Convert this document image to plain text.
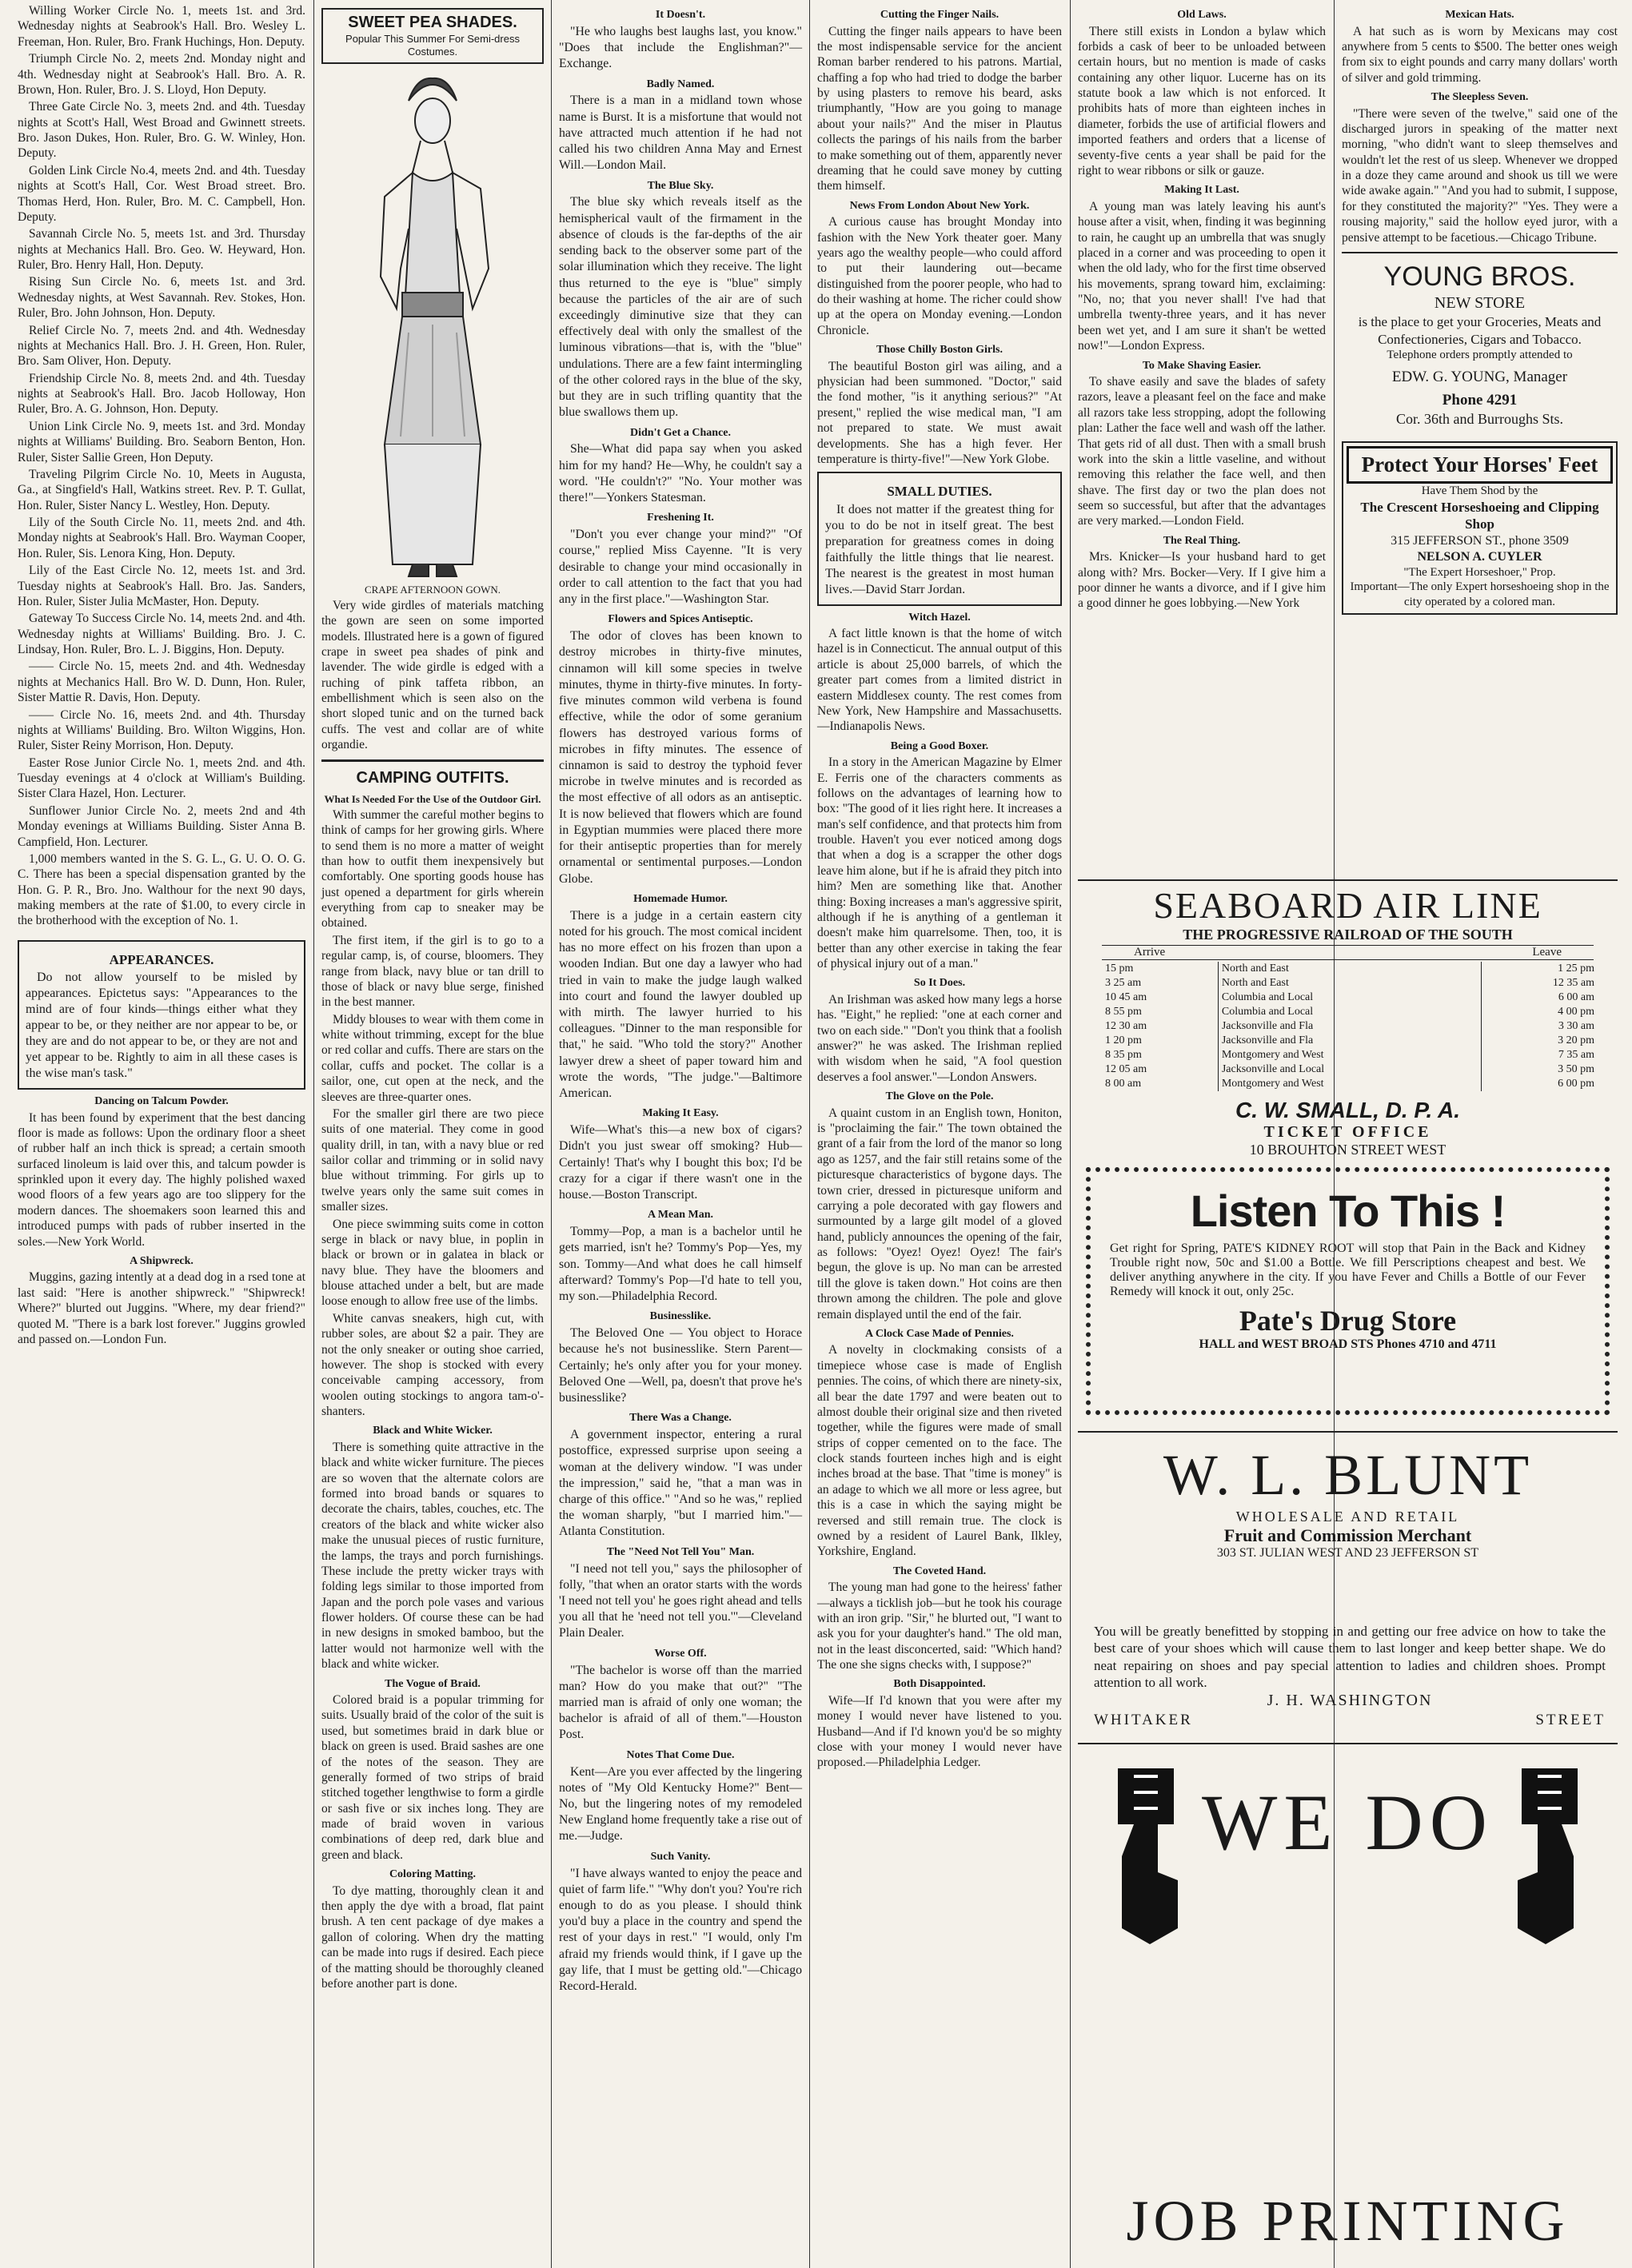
Willing Worker Circle No. 1, meets 1st. and 3rd. Wednesday nights at Seabrook's Hall. Bro. Wesley L. Freeman, Hon. Ruler, Bro. Frank Huchings, Hon. Deputy.

Triumph Circle No. 2, meets 2nd. Monday night and 4th. Wednesday night at Seabrook's Hall. Bro. A. R. Brown, Hon. Ruler, Bro. J. S. Lloyd, Hon Deputy.

Three Gate Circle No. 3, meets 2nd. and 4th. Tuesday nights at Scott's Hall, West Broad and Gwinnett streets. Bro. Jason Dukes, Hon. Ruler, Bro. G. W. Winley, Hon. Deputy.

Golden Link Circle No.4, meets 2nd. and 4th. Tuesday nights at Scott's Hall, Cor. West Broad street. Bro. Thomas Herd, Hon. Ruler, Bro. M. C. Campbell, Hon. Deputy.

Savannah Circle No. 5, meets 1st. and 3rd. Thursday nights at Mechanics Hall. Bro. Geo. W. Heyward, Hon. Ruler, Bro. Henry Hall, Hon. Deputy.

Rising Sun Circle No. 6, meets 1st. and 3rd. Wednesday nights, at West Savannah. Rev. Stokes, Hon. Ruler, Bro. John Johnson, Hon. Deputy.

Relief Circle No. 7, meets 2nd. and 4th. Wednesday nights at Mechanics Hall. Bro. J. H. Green, Hon. Ruler, Bro. Sam Oliver, Hon. Deputy.

Friendship Circle No. 8, meets 2nd. and 4th. Tuesday nights at Seabrook's Hall. Bro. Jacob Holloway, Hon Ruler, Bro. A. G. Johnson, Hon. Deputy.

Union Link Circle No. 9, meets 1st. and 3rd. Monday nights at Williams' Building. Bro. Seaborn Benton, Hon. Ruler, Sister Sallie Green, Hon Deputy.

Traveling Pilgrim Circle No. 10, Meets in Augusta, Ga., at Singfield's Hall, Watkins street. Rev. P. T. Gullat, Hon. Ruler, Sister Nancy L. Westley, Hon. Deputy.

Lily of the South Circle No. 11, meets 2nd. and 4th. Monday nights at Seabrook's Hall. Bro. Wayman Cooper, Hon. Ruler, Sis. Lenora King, Hon. Deputy.

Lily of the East Circle No. 12, meets 1st. and 3rd. Tuesday nights at Seabrook's Hall. Bro. Jas. Sanders, Hon. Ruler, Sister Julia McMaster, Hon. Deputy.

Gateway To Success Circle No. 14, meets 2nd. and 4th. Wednesday nights at Williams' Building. Bro. J. C. Lindsay, Hon. Ruler, Bro. L. J. Biggins, Hon. Deputy.

—— Circle No. 15, meets 2nd. and 4th. Wednesday nights at Mechanics Hall. Bro W. D. Dunn, Hon. Ruler, Sister Mattie R. Davis, Hon. Deputy.

—— Circle No. 16, meets 2nd. and 4th. Thursday nights at Williams' Building. Bro. Wilton Wiggins, Hon. Ruler, Sister Reiny Morrison, Hon. Deputy.

Easter Rose Junior Circle No. 1, meets 2nd. and 4th. Tuesday evenings at 4 o'clock at William's Building. Sister Clara Hazel, Hon. Lecturer.

Sunflower Junior Circle No. 2, meets 2nd and 4th Monday evenings at Williams Building. Sister Anna B. Campfield, Hon. Lecturer.

1,000 members wanted in the S. G. L., G. U. O. O. G. C. There has been a special dispensation granted by the Hon. G. P. R., Bro. Jno. Walthour for the next 90 days, making members at the rate of $1.00, to every circle in the brotherhood with the exception of No. 1.

APPEARANCES.

Do not allow yourself to be misled by appearances. Epictetus says: "Appearances to the mind are of four kinds—things either what they appear to be, or they neither are nor appear to be, or they are and do not appear to be, or they are not and yet appear to be. Rightly to aim in all these cases is the wise man's task."

Dancing on Talcum Powder.

It has been found by experiment that the best dancing floor is made as follows: Upon the ordinary floor a sheet of rubber half an inch thick is spread; a certain smooth surfaced linoleum is laid over this, and talcum powder is sprinkled upon it every day. The highly polished waxed wood floors of a few years ago are too slippery for the modern dances. The shoemakers soon learned this and introduced pumps with pads of rubber inserted in the soles.—New York World.

A Shipwreck.

Muggins, gazing intently at a dead dog in a rsed tone at last said: "Here is another shipwreck." "Shipwreck! Where?" blurted out Juggins. "Where, my dear friend?" quoted M. "There is a bark lost forever." Juggins growled and passed on.—London Fun.

SWEET PEA SHADES.
Popular This Summer For Semi-dress Costumes.
CRAPE AFTERNOON GOWN.

Very wide girdles of materials matching the gown are seen on some imported models. Illustrated here is a gown of figured crape in sweet pea shades of pink and lavender. The wide girdle is edged with a ruching of pink taffeta ribbon, an embellishment which is seen also on the short sloped tunic and on the turned back cuffs. The vest and collar are of white organdie.

CAMPING OUTFITS.
What Is Needed For the Use of the Outdoor Girl.

With summer the careful mother begins to think of camps for her growing girls. Where to send them is no more a matter of weight than how to outfit them inexpensively but comfortably. One sporting goods house has just opened a department for girls wherein everything from cap to sneaker may be obtained.

The first item, if the girl is to go to a regular camp, is, of course, bloomers. They range from black, navy blue or tan drill to those of black or navy blue serge, finished in the best manner.

Middy blouses to wear with them come in white without trimming, except for the blue or red collar and cuffs. There are stars on the collar, cuffs and pocket. The collar is a sailor, one, cut open at the neck, and the sleeves are three-quarter ones.

For the smaller girl there are two piece suits of one material. They come in good quality drill, in tan, with a navy blue or red sailor collar and trimming or in solid navy blue without trimming. For girls up to twelve years only the same suit comes in smaller sizes.

One piece swimming suits come in cotton serge in black or navy blue, in poplin in black or brown or in galatea in black or navy blue. They have the bloomers and blouse attached under a belt, but are made loose enough to allow free use of the limbs.

White canvas sneakers, high cut, with rubber soles, are about $2 a pair. They are not the only sneaker or outing shoe carried, however. The shop is stocked with every conceivable camping accessory, from woolen outing stockings to angora tam-o'-shanters.

Black and White Wicker.

There is something quite attractive in the black and white wicker furniture. The pieces are so woven that the alternate colors are formed into broad bands or squares to decorate the chairs, tables, couches, etc. The creators of the black and white wicker also make the unusual pieces of rustic furniture, the lamps, the trays and porch furnishings. These include the pretty wicker trays with folding legs similar to those imported from Japan and the porch pole vases and various flower holders. Of course these can be had in new designs in smoked bamboo, but the latter would not harmonize well with the black and white wicker.

The Vogue of Braid.

Colored braid is a popular trimming for suits. Usually braid of the color of the suit is used, but sometimes braid in dark blue or black on green is used. Braid sashes are one of the notes of the season. They are generally formed of two strips of braid stitched together lengthwise to form a girdle or sash five or six inches long. They are made of braid woven in various combinations of deep red, dark blue and green and black.

Coloring Matting.

To dye matting, thoroughly clean it and then apply the dye with a broad, flat paint brush. A ten cent package of dye makes a gallon of coloring. When dry the matting can be made into rugs if desired. Each piece of the matting should be thoroughly cleaned before another part is done.

It Doesn't.

"He who laughs best laughs last, you know." "Does that include the Englishman?"—Exchange.

Badly Named.

There is a man in a midland town whose name is Burst. It is a misfortune that would not have attracted much attention if he had not called his two children Anna May and Ernest Will.—London Mail.

The Blue Sky.

The blue sky which reveals itself as the hemispherical vault of the firmament in the absence of clouds is the far-depths of the air sending back to the observer some part of the solar illumination which they receive. The light thus returned to the eye is "blue" simply because the particles of the air are of such exceedingly diminutive size that they can effectively deal with only the smallest of the luminous vibrations—that is, with the "blue" undulations. There are a few faint intermingling of the other colored rays in the blue of the sky, but they are in such trifling quantity that the blue swallows them up.

Didn't Get a Chance.

She—What did papa say when you asked him for my hand? He—Why, he couldn't say a word. "He couldn't?" "No. Your mother was there!"—Yonkers Statesman.

Freshening It.

"Don't you ever change your mind?" "Of course," replied Miss Cayenne. "It is very desirable to change your mind occasionally in order to call attention to the fact that you had any in the first place."—Washington Star.

Flowers and Spices Antiseptic.

The odor of cloves has been known to destroy microbes in thirty-five minutes, cinnamon will kill some species in twelve minutes, thyme in thirty-five minutes. In forty-five minutes common wild verbena is found effective, while the odor of some geranium flowers has destroyed various forms of microbes in fifty minutes. The essence of cinnamon is said to destroy the typhoid fever microbe in twelve minutes and is recorded as the most effective of all odors as an antiseptic. It is now believed that flowers which are found in Egyptian mummies were placed there more for their antiseptic properties than for merely ornamental or sentimental purposes.—London Globe.

Homemade Humor.

There is a judge in a certain eastern city noted for his grouch. The most comical incident has no more effect on his frozen than upon a wooden Indian. But one day a lawyer who had tried in vain to make the judge laugh walked into court and found the lawyer doubled up with mirth. The lawyer hurried to his colleagues. "Dinner to the man responsible for that," he said. "Who told the story?" Another lawyer drew a sheet of paper toward him and wrote the words, "The judge."—Baltimore American.

Making It Easy.

Wife—What's this—a new box of cigars? Didn't you just swear off smoking? Hub—Certainly! That's why I bought this box; I'd be crazy for a cigar if there wasn't one in the house.—Boston Transcript.

A Mean Man.

Tommy—Pop, a man is a bachelor until he gets married, isn't he? Tommy's Pop—Yes, my son. Tommy—And what does he call himself afterward? Tommy's Pop—I'd hate to tell you, my son.—Philadelphia Record.

Businesslike.

The Beloved One — You object to Horace because he's not businesslike. Stern Parent—Certainly; he's only after you for your money. Beloved One —Well, pa, doesn't that prove he's businesslike?

There Was a Change.

A government inspector, entering a rural postoffice, expressed surprise upon seeing a woman at the delivery window. "I was under the impression," said he, "that a man was in charge of this office." "And so he was," replied the woman sharply, "but I married him."—Atlanta Constitution.

The "Need Not Tell You" Man.

"I need not tell you," says the philosopher of folly, "that when an orator starts with the words 'I need not tell you' he goes right ahead and tells you all that he 'need not tell you.'"—Cleveland Plain Dealer.

Worse Off.

"The bachelor is worse off than the married man? How do you make that out?" "The married man is afraid of only one woman; the bachelor is afraid of all of them."—Houston Post.

Notes That Come Due.

Kent—Are you ever affected by the lingering notes of "My Old Kentucky Home?" Bent—No, but the lingering notes of my remodeled New England home frequently take a rise out of me.—Judge.

Such Vanity.

"I have always wanted to enjoy the peace and quiet of farm life." "Why don't you? You're rich enough to do as you please. I should think you'd buy a place in the country and spend the rest of your days in rest." "I would, only I'm afraid my friends would think, if I gave up the gay life, that I must be getting old."—Chicago Record-Herald.

Cutting the Finger Nails.

Cutting the finger nails appears to have been the most indispensable service for the ancient Roman barber rendered to his patrons. Martial, chaffing a fop who had tried to dodge the barber by using plasters to remove his beard, asks triumphantly, "How are you going to manage about your nails?" And the miser in Plautus collects the parings of his nails from the barber to make something out of them, apparently never dreaming that he could save money by cutting them himself.

News From London About New York.

A curious cause has brought Monday into fashion with the New York theater goer. Many years ago the wealthy people—who could afford to put their laundering out—became distinguished from the poorer people, who had to do their washing at home. The richer could show up at the opera on Monday evening.—London Chronicle.

Those Chilly Boston Girls.

The beautiful Boston girl was ailing, and a physician had been summoned. "Doctor," said the fond mother, "is it anything serious?" "At present," replied the wise medical man, "I am not prepared to state. We must await developments. She has a high fever. Her temperature is thirty-five!"—New York Globe.

SMALL DUTIES.

It does not matter if the greatest thing for you to do be not in itself great. The best preparation for greatness comes in doing faithfully the little things that lie nearest. The nearest is the greatest in most human lives.—David Starr Jordan.

Witch Hazel.

A fact little known is that the home of witch hazel is in Connecticut. The annual output of this article is about 25,000 barrels, of which the greater part comes from a limited district in eastern Middlesex county. The rest comes from New York, New Hampshire and Massachusetts.—Indianapolis News.

Being a Good Boxer.

In a story in the American Magazine by Elmer E. Ferris one of the characters comments as follows on the advantages of learning how to box: "The good of it lies right here. It increases a man's self confidence, and that protects him from trouble. Haven't you ever noticed among dogs that when a dog is a scrapper the other dogs leave him alone, but if he is afraid they pitch into him? Men are something like that. Another thing: Boxing increases a man's aggressive spirit, although if he is anything of a gentleman it doesn't make him quarrelsome. Then, too, it is better than any other exercise in taking the fear of physical injury out of a man."

So It Does.

An Irishman was asked how many legs a horse has. "Eight," he replied: "one at each corner and two on each side." "Don't you think that a foolish answer?" he was asked. The Irishman replied with wisdom when he said, "A fool question deserves a fool answer."—London Answers.

The Glove on the Pole.

A quaint custom in an English town, Honiton, is "proclaiming the fair." The town obtained the grant of a fair from the lord of the manor so long ago as 1257, and the fair still retains some of the picturesque characteristics of bygone days. The town crier, dressed in picturesque uniform and carrying a pole decorated with gay flowers and surmounted by a large gilt model of a gloved hand, publicly announces the opening of the fair, as follows: "Oyez! Oyez! Oyez! The fair's begun, the glove is up. No man can be arrested till the glove is taken down." Hot coins are then thrown among the children. The pole and glove remain displayed until the end of the fair.

A Clock Case Made of Pennies.

A novelty in clockmaking consists of a timepiece whose case is made of English pennies. The coins, of which there are ninety-six, all bear the date 1797 and were beaten out to almost double their original size and then riveted together, while the figures were made of small strips of copper cemented on to the face. The clock stands fourteen inches high and is eight inches broad at the base. That "time is money" is an adage to which we all more or less agree, but this is a case in which the saying might be reversed and still remain true. The clock is owned by a resident of Laurel Bank, Ilkley, Yorkshire, England.

The Coveted Hand.

The young man had gone to the heiress' father—always a ticklish job—but he took his courage with an iron grip. "Sir," he blurted out, "I want to ask you for your daughter's hand." The old man, not in the least disconcerted, said: "Which hand? The one she signs checks with, I suppose?"

Both Disappointed.

Wife—If I'd known that you were after my money I would never have listened to you. Husband—And if I'd known you'd be so mighty close with your money I would never have proposed.—Philadelphia Ledger.

Old Laws.

There still exists in London a bylaw which forbids a cask of beer to be unloaded between certain hours, but no mention is made of casks containing any other liquor. Lucerne has on its statute book a law which is not enforced. It prohibits hats of more than eighteen inches in diameter, forbids the use of artificial flowers and imported feathers and orders that a license of seventy-five cents a year shall be paid for the right to wear ribbons or silk or gauze.

Making It Last.

A young man was lately leaving his aunt's house after a visit, when, finding it was beginning to rain, he caught up an umbrella that was snugly placed in a corner and was proceeding to open it when the old lady, who for the first time observed his movements, sprang toward him, exclaiming: "No, no; that you never shall! I've had that umbrella twenty-three years, and it has never been wet yet, and I am sure it shan't be wetted now!"—London Express.

To Make Shaving Easier.

To shave easily and save the blades of safety razors, leave a pleasant feel on the face and make all razors take less stropping, adopt the following plan: Lather the face well and wash off the lather. That gets rid of all dust. Then with a small brush work into the skin a little vaseline, and without removing this relather the face well, and then shave. The first day or two the plan does not seem so successful, but after that the advantages are very marked.—London Field.

The Real Thing.

Mrs. Knicker—Is your husband hard to get along with? Mrs. Bocker—Very. If I give him a poor dinner he wants a divorce, and if I give him a good dinner he goes lobbying.—New York

Mexican Hats.

A hat such as is worn by Mexicans may cost anywhere from 5 cents to $500. The better ones weigh from six to eight pounds and carry many dollars' worth of silver and gold trimming.

The Sleepless Seven.

"There were seven of the twelve," said one of the discharged jurors in speaking of the matter next morning, "who didn't want to sleep themselves and wouldn't let the rest of us sleep. Whenever we dropped in a doze they came around and shook us till we were wide awake again." "And you had to submit, I suppose, for they constituted the majority?" "Yes. They were a rousing majority," said the hollow eyed juror, with a pensive attempt to be facetious.—Chicago Tribune.

YOUNG BROS.
NEW STORE
is the place to get your Groceries, Meats and Confectioneries, Cigars and Tobacco.
Telephone orders promptly attended to
EDW. G. YOUNG, Manager
Phone 4291
Cor. 36th and Burroughs Sts.
Protect Your Horses' Feet
Have Them Shod by the
The Crescent Horseshoeing and Clipping Shop
315 JEFFERSON ST., phone 3509
NELSON A. CUYLER
"The Expert Horseshoer," Prop.
Important—The only Expert horseshoeing shop in the city operated by a colored man.
SEABOARD AIR LINE
THE PROGRESSIVE RAILROAD OF THE SOUTH
Arrive	Leave
15 pm	North and East	1 25 pm
3 25 am	North and East	12 35 am
10 45 am	Columbia and Local	6 00 am
8 55 pm	Columbia and Local	4 00 pm
12 30 am	Jacksonville and Fla	3 30 am
1 20 pm	Jacksonville and Fla	3 20 pm
8 35 pm	Montgomery and West	7 35 am
12 05 am	Jacksonville and Local	3 50 pm
8 00 am	Montgomery and West	6 00 pm
C. W. SMALL, D. P. A.
TICKET OFFICE
10 BROUHTON STREET WEST
Listen To This !
Get right for Spring, PATE'S KIDNEY ROOT will stop that Pain in the Back and Kidney Trouble right now, 50c and $1.00 a Bottle. We fill Perscriptions cheapest and best. We deliver anything anywhere in the city. If you have Fever and Chills a Bottle of our Fever Remedy will knock it out, only 25c.
Pate's Drug Store
HALL and WEST BROAD STS Phones 4710 and 4711
W. L. BLUNT
WHOLESALE AND RETAIL
Fruit and Commission Merchant
303 ST. JULIAN WEST AND 23 JEFFERSON ST
You will be greatly benefitted by stopping in and getting our free advice on how to take the best care of your shoes which will cause them to last longer and keep better shape. We do neat repairing on shoes and pay special attention to ladies and children shoes. Prompt attention to all work.
J. H. WASHINGTON
WHITAKER	STREET
WE DO
JOB PRINTING
